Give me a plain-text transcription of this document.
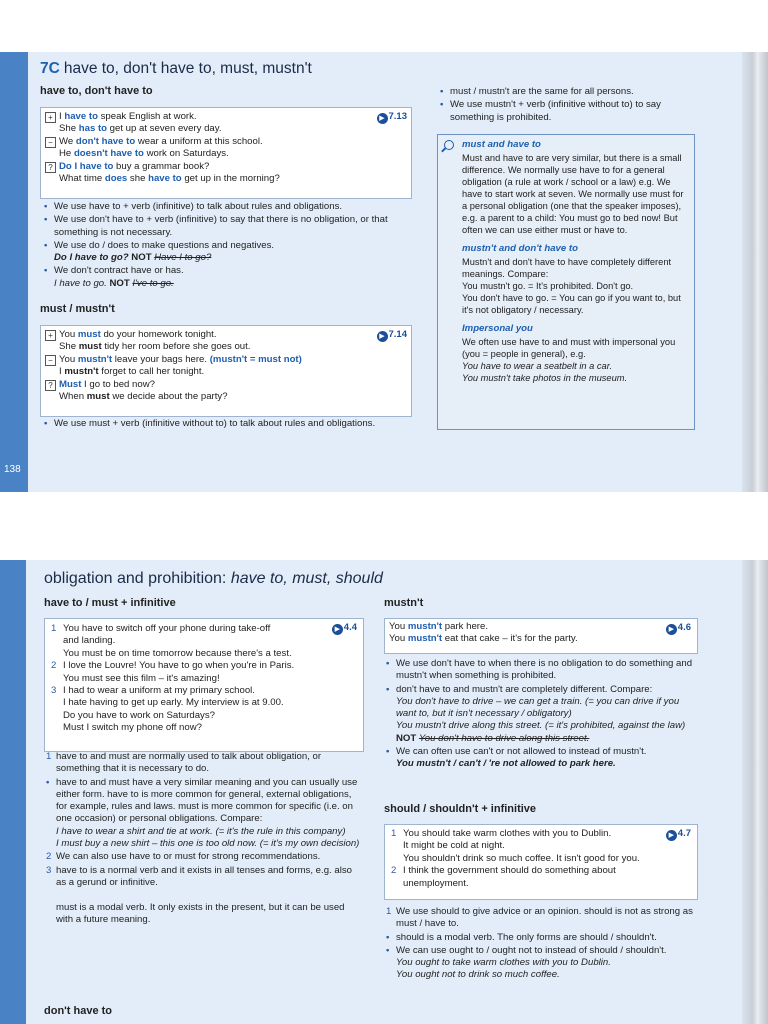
138
7C have to, don't have to, must, mustn't
have to, don't have to
▶ 7.13
+ I have to speak English at work.
She has to get up at seven every day.
− We don't have to wear a uniform at this school.
He doesn't have to work on Saturdays.
? Do I have to buy a grammar book?
What time does she have to get up in the morning?
• We use have to + verb (infinitive) to talk about rules and obligations.
• We use don't have to + verb (infinitive) to say that there is no obligation, or that something is not necessary.
• We use do / does to make questions and negatives.
Do I have to go? NOT Have I to go?
• We don't contract have or has.
I have to go. NOT I've to go.
must / mustn't
▶ 7.14
+ You must do your homework tonight.
She must tidy her room before she goes out.
− You mustn't leave your bags here. (mustn't = must not)
I mustn't forget to call her tonight.
? Must I go to bed now?
When must we decide about the party?
• We use must + verb (infinitive without to) to talk about rules and obligations.
• must / mustn't are the same for all persons.
• We use mustn't + verb (infinitive without to) to say something is prohibited.
must and have to

Must and have to are very similar, but there is a small difference. We normally use have to for a general obligation (a rule at work / school or a law) e.g. We have to start work at seven. We normally use must for a personal obligation (one that the speaker imposes), e.g. a parent to a child: You must go to bed now! But often we can use either must or have to.

mustn't and don't have to

Mustn't and don't have to have completely different meanings. Compare:
You mustn't go. = It's prohibited. Don't go.
You don't have to go. = You can go if you want to, but it's not obligatory / necessary.

Impersonal you

We often use have to and must with impersonal you (you = people in general), e.g.
You have to wear a seatbelt in a car.
You mustn't take photos in the museum.

obligation and prohibition: have to, must, should
have to / must + infinitive
▶ 4.4
1 You have to switch off your phone during take-off
and landing.
You must be on time tomorrow because there's a test.
2 I love the Louvre! You have to go when you're in Paris.
You must see this film – it's amazing!
3 I had to wear a uniform at my primary school.
I hate having to get up early. My interview is at 9.00.
Do you have to work on Saturdays?
Must I switch my phone off now?
1 have to and must are normally used to talk about obligation, or something that it is necessary to do.
• have to and must have a very similar meaning and you can usually use either form. have to is more common for general, external obligations, for example, rules and laws. must is more common for specific (i.e. on one occasion) or personal obligations. Compare:
I have to wear a shirt and tie at work. (= it's the rule in this company)
I must buy a new shirt – this one is too old now. (= it's my own decision)
2 We can also use have to or must for strong recommendations.
3 have to is a normal verb and it exists in all tenses and forms, e.g. also as a gerund or infinitive.

must is a modal verb. It only exists in the present, but it can be used with a future meaning.
don't have to
mustn't
▶ 4.6
You mustn't park here.
You mustn't eat that cake – it's for the party.
• We use don't have to when there is no obligation to do something and mustn't when something is prohibited.
• don't have to and mustn't are completely different. Compare:
You don't have to drive – we can get a train. (= you can drive if you want to, but it isn't necessary / obligatory)
You mustn't drive along this street. (= it's prohibited, against the law) NOT You don't have to drive along this street.
• We can often use can't or not allowed to instead of mustn't.
You mustn't / can't / 're not allowed to park here.
should / shouldn't + infinitive
▶ 4.7
1 You should take warm clothes with you to Dublin.
It might be cold at night.
You shouldn't drink so much coffee. It isn't good for you.
2 I think the government should do something about
unemployment.
1 We use should to give advice or an opinion. should is not as strong as must / have to.
• should is a modal verb. The only forms are should / shouldn't.
• We can use ought to / ought not to instead of should / shouldn't.
You ought to take warm clothes with you to Dublin.
You ought not to drink so much coffee.
